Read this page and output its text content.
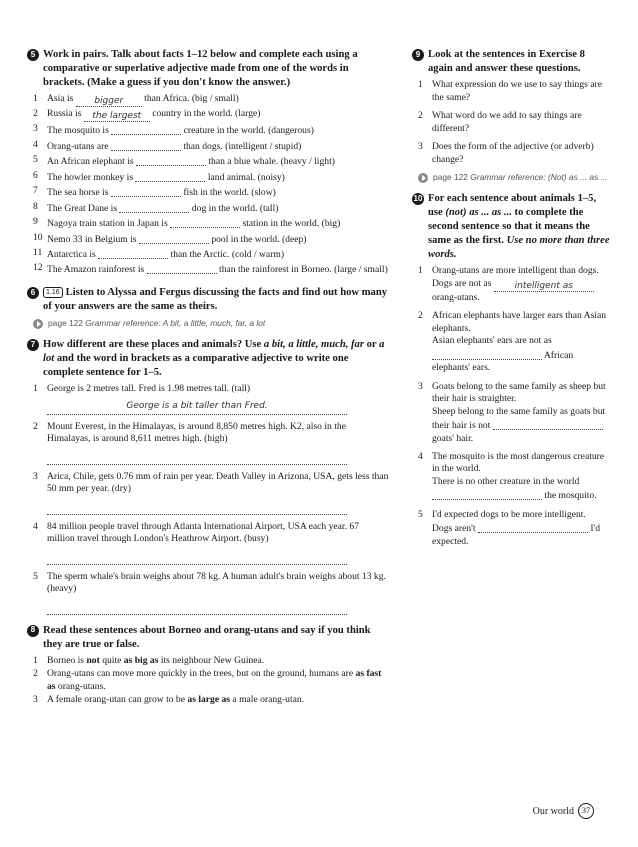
5 Work in pairs. Talk about facts 1–12 below and complete each using a comparative or superlative adjective made from one of the words in brackets. (Make a guess if you don't know the answer.)
1 Asia is bigger than Africa. (big / small)
2 Russia is the largest country in the world. (large)
3 The mosquito is	creature in the world. (dangerous)
4 Orang-utans are	than dogs. (intelligent / stupid)
5 An African elephant is	than a blue whale. (heavy / light)
6 The howler monkey is	land animal. (noisy)
7 The sea horse is	fish in the world. (slow)
8 The Great Dane is	dog in the world. (tall)
9 Nagoya train station in Japan is	station in the world. (big)
10 Nemo 33 in Belgium is	pool in the world. (deep)
11 Antarctica is	than the Arctic. (cold / warm)
12 The Amazon rainforest is	than the rainforest in Borneo. (large / small)
6	1.16 Listen to Alyssa and Fergus discussing the facts and find out how many of your answers are the same as theirs.
page 122 Grammar reference: A bit, a little, much, far, a lot
7 How different are these places and animals? Use a bit, a little, much, far or a lot and the word in brackets as a comparative adjective to write one complete sentence for 1–5.
1 George is 2 metres tall. Fred is 1.98 metres tall. (tall)
George is a bit taller than Fred.
2 Mount Everest, in the Himalayas, is around 8,850 metres high. K2, also in the Himalayas, is around 8,611 metres high. (high)
3 Arica, Chile, gets 0.76 mm of rain per year. Death Valley in Arizona, USA, gets less than 50 mm per year. (dry)
4 84 million people travel through Atlanta International Airport, USA each year. 67 million travel through London's Heathrow Airport. (busy)
5 The sperm whale's brain weighs about 78 kg. A human adult's brain weighs about 13 kg. (heavy)
8 Read these sentences about Borneo and orang-utans and say if you think they are true or false.
1 Borneo is not quite as big as its neighbour New Guinea.
2 Orang-utans can move more quickly in the trees, but on the ground, humans are as fast as orang-utans.
3 A female orang-utan can grow to be as large as a male orang-utan.
9 Look at the sentences in Exercise 8 again and answer these questions.
1 What expression do we use to say things are the same?
2 What word do we add to say things are different?
3 Does the form of the adjective (or adverb) change?
page 122 Grammar reference: (Not) as ... as ...
10 For each sentence about animals 1–5, use (not) as ... as ... to complete the second sentence so that it means the same as the first. Use no more than three words.
1 Orang-utans are more intelligent than dogs.
Dogs are not as intelligent as orang-utans.
2 African elephants have larger ears than Asian elephants.
Asian elephants' ears are not as  African elephants' ears.
3 Goats belong to the same family as sheep but their hair is straighter.
Sheep belong to the same family as goats but their hair is not  goats' hair.
4 The mosquito is the most dangerous creature in the world.
There is no other creature in the world  the mosquito.
5 I'd expected dogs to be more intelligent.
Dogs aren't	I'd expected.
Our world 37
